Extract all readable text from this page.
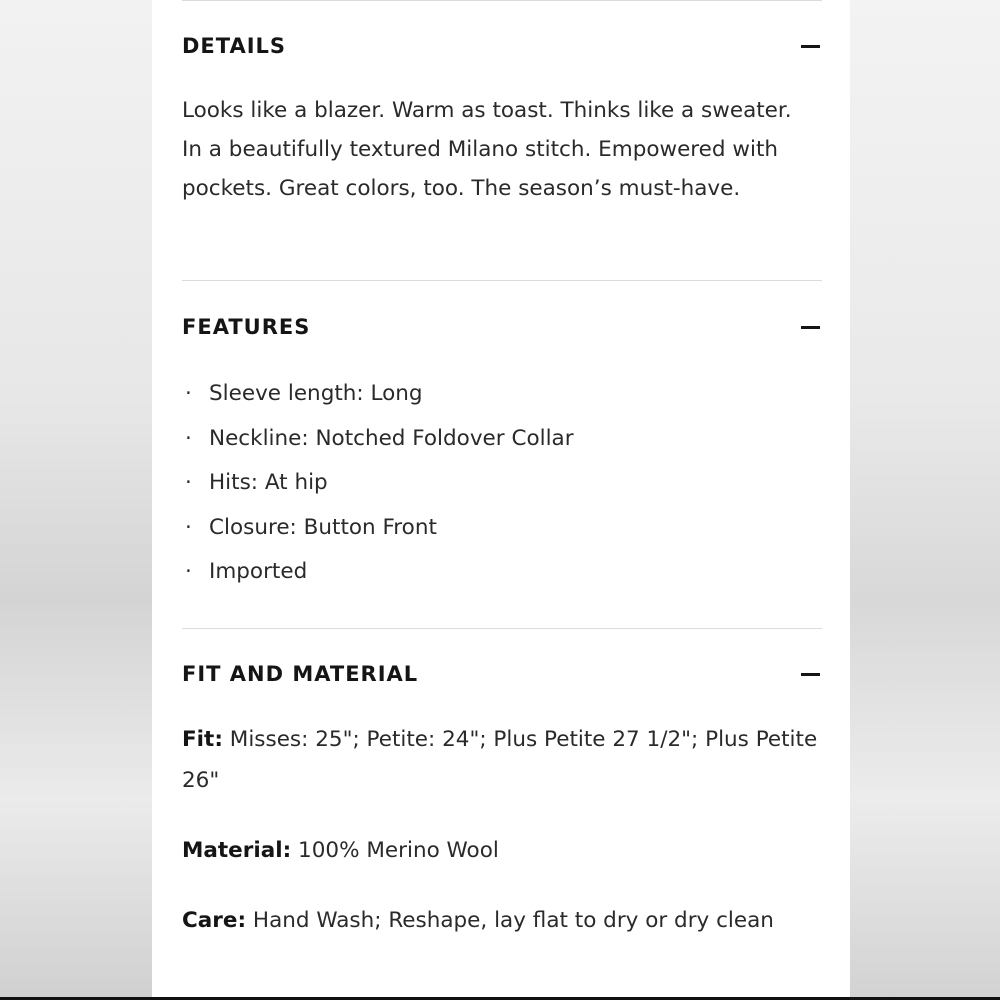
DETAILS

Looks like a blazer. Warm as toast. Thinks like a sweater. In a beautifully textured Milano stitch. Empowered with pockets. Great colors, too. The season’s must-have.

FEATURES
· Sleeve length: Long
· Neckline: Notched Foldover Collar
· Hits: At hip
· Closure: Button Front
· Imported
FIT AND MATERIAL

Fit: Misses: 25"; Petite: 24"; Plus Petite 27 1/2"; Plus Petite 26"

Material: 100% Merino Wool

Care: Hand Wash; Reshape, lay flat to dry or dry clean
